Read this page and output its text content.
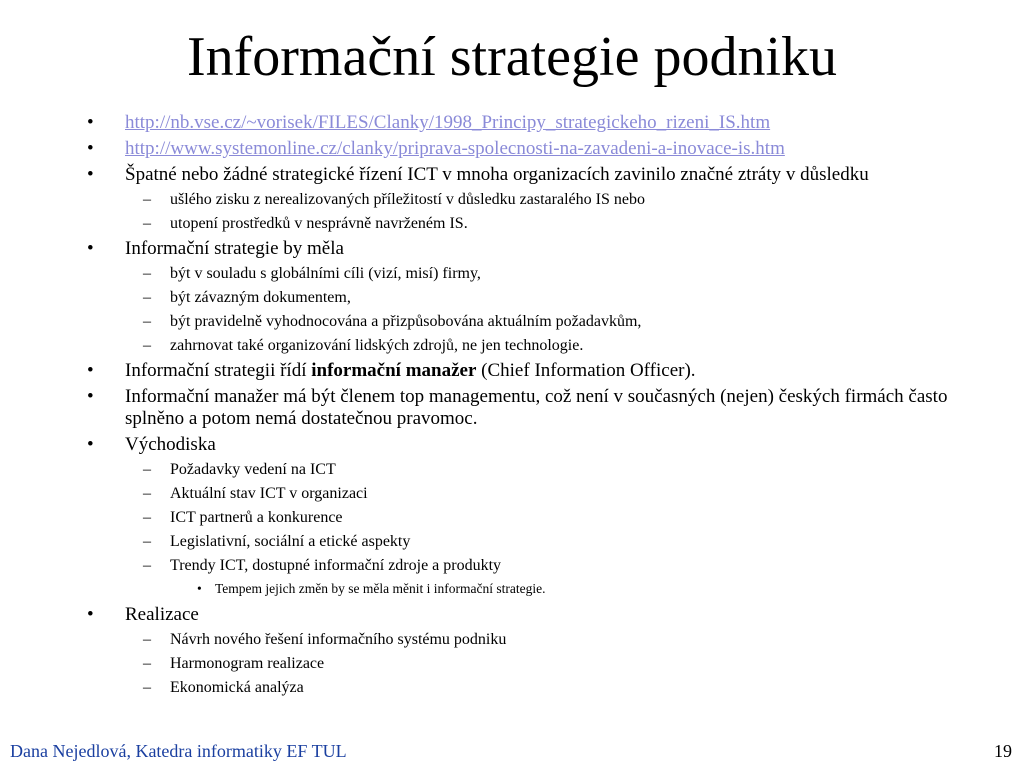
Informační strategie podniku
• http://nb.vse.cz/~vorisek/FILES/Clanky/1998_Principy_strategickeho_rizeni_IS.htm
• http://www.systemonline.cz/clanky/priprava-spolecnosti-na-zavadeni-a-inovace-is.htm
• Špatné nebo žádné strategické řízení ICT v mnoha organizacích zavinilo značné ztráty v důsledku
– ušlého zisku z nerealizovaných příležitostí v důsledku zastaralého IS nebo
– utopení prostředků v nesprávně navrženém IS.
• Informační strategie by měla
– být v souladu s globálními cíli (vizí, misí) firmy,
– být závazným dokumentem,
– být pravidelně vyhodnocována a přizpůsobována aktuálním požadavkům,
– zahrnovat také organizování lidských zdrojů, ne jen technologie.
• Informační strategii řídí informační manažer (Chief Information Officer).
• Informační manažer má být členem top managementu, což není v současných (nejen) českých firmách často splněno a potom nemá dostatečnou pravomoc.
• Východiska
– Požadavky vedení na ICT
– Aktuální stav ICT v organizaci
– ICT partnerů a konkurence
– Legislativní, sociální a etické aspekty
– Trendy ICT, dostupné informační zdroje a produkty
• Tempem jejich změn by se měla měnit i informační strategie.
• Realizace
– Návrh nového řešení informačního systému podniku
– Harmonogram realizace
– Ekonomická analýza
Dana Nejedlová, Katedra informatiky EF TUL	19
